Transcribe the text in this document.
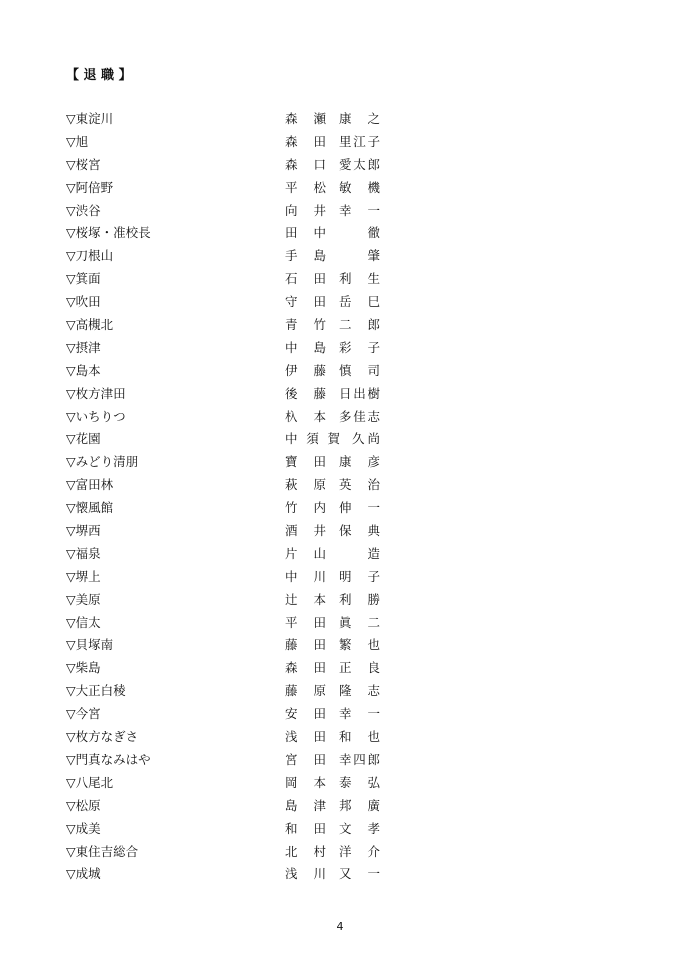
【 退 職 】
▽東淀川	森 瀬 康 之
▽旭	森 田 里 江 子
▽桜宮	森 口 愛 太 郎
▽阿倍野	平 松 敏 機
▽渋谷	向 井 幸 一
▽桜塚・准校長	田 中	徹
▽刀根山	手 島	肇
▽箕面	石 田 利 生
▽吹田	守 田 岳 巳
▽高槻北	青 竹 二 郎
▽摂津	中 島 彩 子
▽島本	伊 藤 慎 司
▽枚方津田	後 藤 日 出 樹
▽いちりつ	杁 本 多 佳 志
▽花園	中 須 賀 久 尚
▽みどり清朋	寶 田 康 彦
▽富田林	萩 原 英 治
▽懐風館	竹 内 伸 一
▽堺西	酒 井 保 典
▽福泉	片 山	造
▽堺上	中 川 明 子
▽美原	辻 本 利 勝
▽信太	平 田 眞 二
▽貝塚南	藤 田 繁 也
▽柴島	森 田 正 良
▽大正白稜	藤 原 隆 志
▽今宮	安 田 幸 一
▽枚方なぎさ	浅 田 和 也
▽門真なみはや	宮 田 幸 四 郎
▽八尾北	岡 本 泰 弘
▽松原	島 津 邦 廣
▽成美	和 田 文 孝
▽東住吉総合	北 村 洋 介
▽成城	浅 川 又 一
4
